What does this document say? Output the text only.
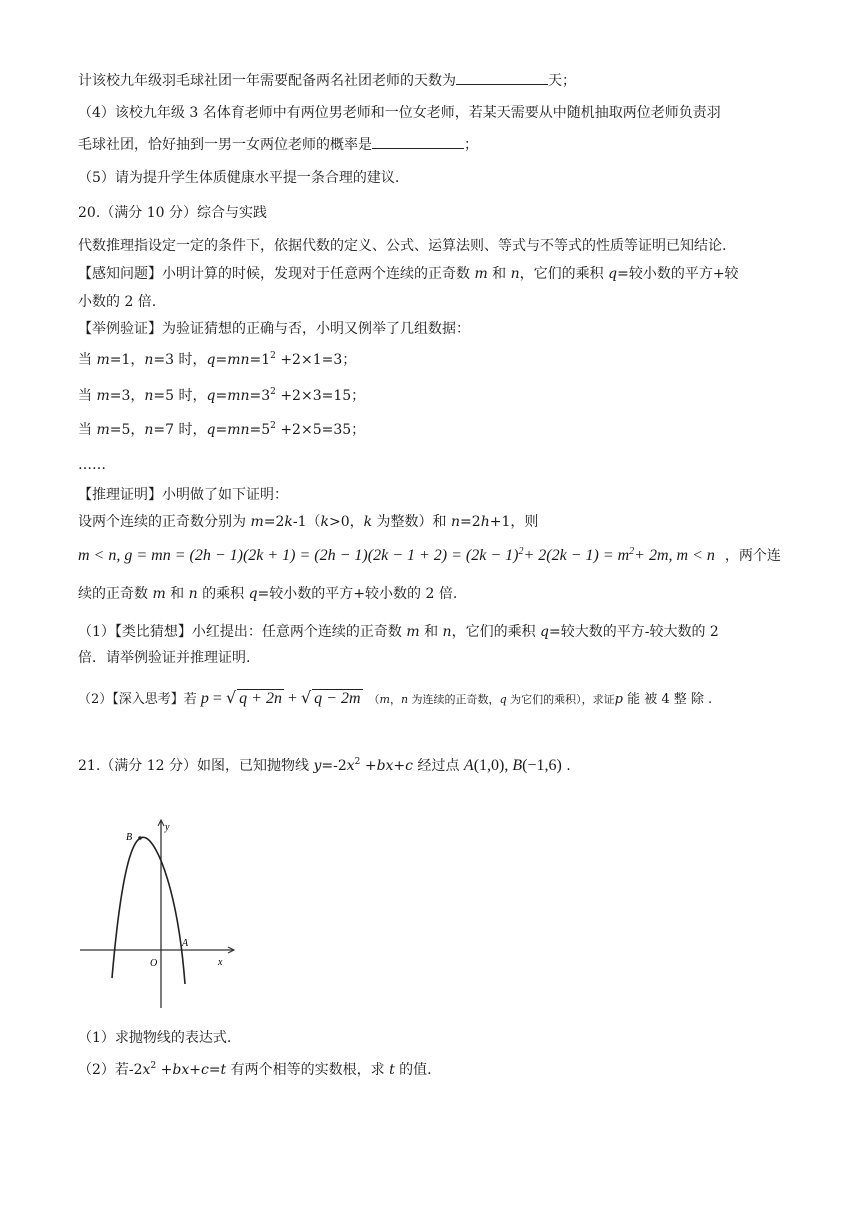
计该校九年级羽毛球社团一年需要配备两名社团老师的天数为	天；
（4）该校九年级 3 名体育老师中有两位男老师和一位女老师，若某天需要从中随机抽取两位老师负责羽
毛球社团，恰好抽到一男一女两位老师的概率是	；
（5）请为提升学生体质健康水平提一条合理的建议.
20.（满分 10 分）综合与实践
代数推理指设定一定的条件下，依据代数的定义、公式、运算法则、等式与不等式的性质等证明已知结论.
【感知问题】小明计算的时候，发现对于任意两个连续的正奇数 m 和 n，它们的乘积 q=较小数的平方+较
小数的 2 倍.
【举例验证】为验证猜想的正确与否，小明又例举了几组数据：
当 m=1，n=3 时，$q=mn=1^2 +2\times 1=3$；
当 m=3，n=5 时，$q=mn=3^2 +2\times 3=15$；
当 m=5，n=7 时，$q=mn=5^2 +2\times 5=35$；
……
【推理证明】小明做了如下证明：
设两个连续的正奇数分别为 m=2k-1（k>0，k 为整数）和 n=2h+1，则
m < n, g = mn = $(2h - 1)(2k + 1) = (2h - 1)(2k - 1 + 2) = (2k - 1)^2+ 2(2k - 1) = m^2+ 2m$, m < n ，两个连
续的正奇数 m 和 n 的乘积 q=较小数的平方+较小数的 2 倍.
（1）【类比猜想】小红提出：任意两个连续的正奇数 m 和 n，它们的乘积 q=较大数的平方-较大数的 2
倍．请举例验证并推理证明.
（2）【深入思考】若 p = √ q + 2n + √ q − 2m （m，n 为连续的正奇数，q 为它们的乘积），求证p 能 被 4 整 除 .
21.（满分 12 分）如图，已知抛物线 $y=-2x^2 +bx+c$ 经过点 A(1,0), B(−1,6) .
y
x
O
A
B
（1）求抛物线的表达式.
（2）若$-2x^2 +bx+c=t$ 有两个相等的实数根，求 t 的值.
